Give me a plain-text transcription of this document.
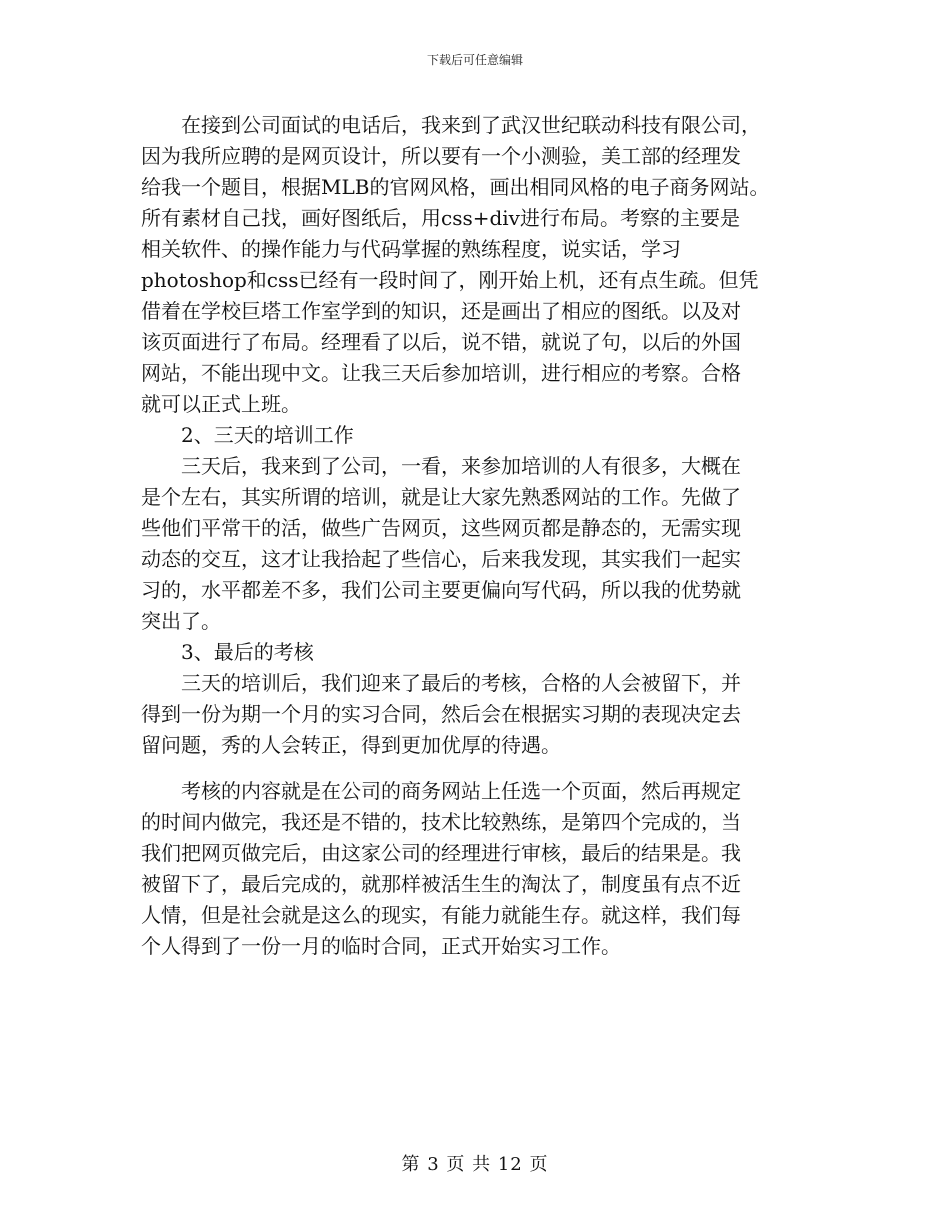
下载后可任意编辑

在接到公司面试的电话后，我来到了武汉世纪联动科技有限公司，
因为我所应聘的是网页设计，所以要有一个小测验，美工部的经理发
给我一个题目，根据MLB的官网风格，画出相同风格的电子商务网站。
所有素材自己找，画好图纸后，用css+div进行布局。考察的主要是
相关软件、的操作能力与代码掌握的熟练程度，说实话，学习
photoshop和css已经有一段时间了，刚开始上机，还有点生疏。但凭
借着在学校巨塔工作室学到的知识，还是画出了相应的图纸。以及对
该页面进行了布局。经理看了以后，说不错，就说了句，以后的外国
网站，不能出现中文。让我三天后参加培训，进行相应的考察。合格
就可以正式上班。

2、三天的培训工作

三天后，我来到了公司，一看，来参加培训的人有很多，大概在
是个左右，其实所谓的培训，就是让大家先熟悉网站的工作。先做了
些他们平常干的活，做些广告网页，这些网页都是静态的，无需实现
动态的交互，这才让我拾起了些信心，后来我发现，其实我们一起实
习的，水平都差不多，我们公司主要更偏向写代码，所以我的优势就
突出了。

3、最后的考核

三天的培训后，我们迎来了最后的考核，合格的人会被留下，并
得到一份为期一个月的实习合同，然后会在根据实习期的表现决定去
留问题，秀的人会转正，得到更加优厚的待遇。

考核的内容就是在公司的商务网站上任选一个页面，然后再规定
的时间内做完，我还是不错的，技术比较熟练，是第四个完成的，当
我们把网页做完后，由这家公司的经理进行审核，最后的结果是。我
被留下了，最后完成的，就那样被活生生的淘汰了，制度虽有点不近
人情，但是社会就是这么的现实，有能力就能生存。就这样，我们每
个人得到了一份一月的临时合同，正式开始实习工作。

第 3 页 共 12 页
